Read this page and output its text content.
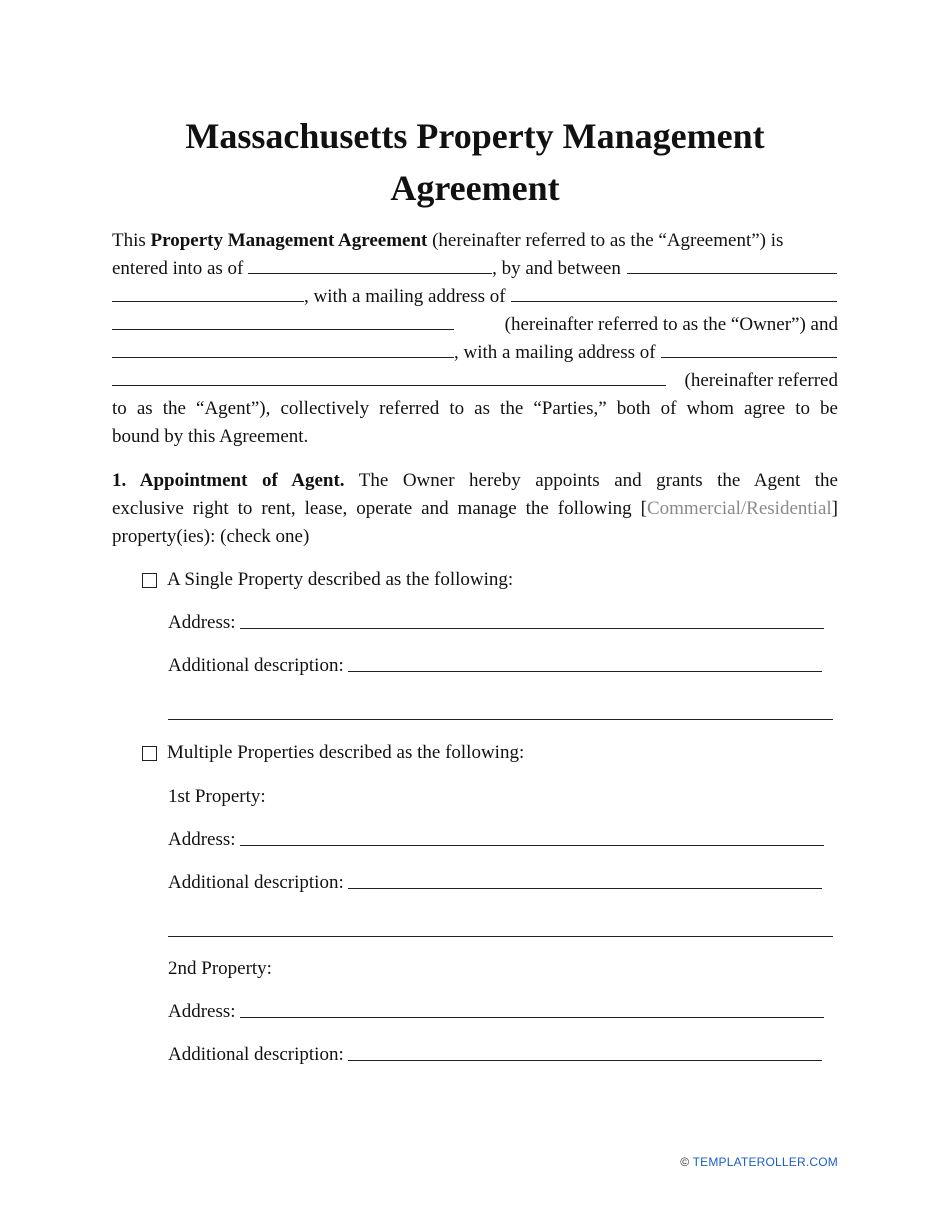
Massachusetts Property Management
Agreement
This Property Management Agreement (hereinafter referred to as the “Agreement”) is
entered into as of	, by and between
, with a mailing address of
(hereinafter referred to as the “Owner”) and
, with a mailing address of
(hereinafter referred
to as the “Agent”), collectively referred to as the “Parties,” both of whom agree to be
bound by this Agreement.
1. Appointment of Agent. The Owner hereby appoints and grants the Agent the
exclusive right to rent, lease, operate and manage the following [Commercial/Residential]
property(ies): (check one)
A Single Property described as the following:
Address:
Additional description:
Multiple Properties described as the following:
1st Property:
Address:
Additional description:
2nd Property:
Address:
Additional description:
© TEMPLATEROLLER.COM
